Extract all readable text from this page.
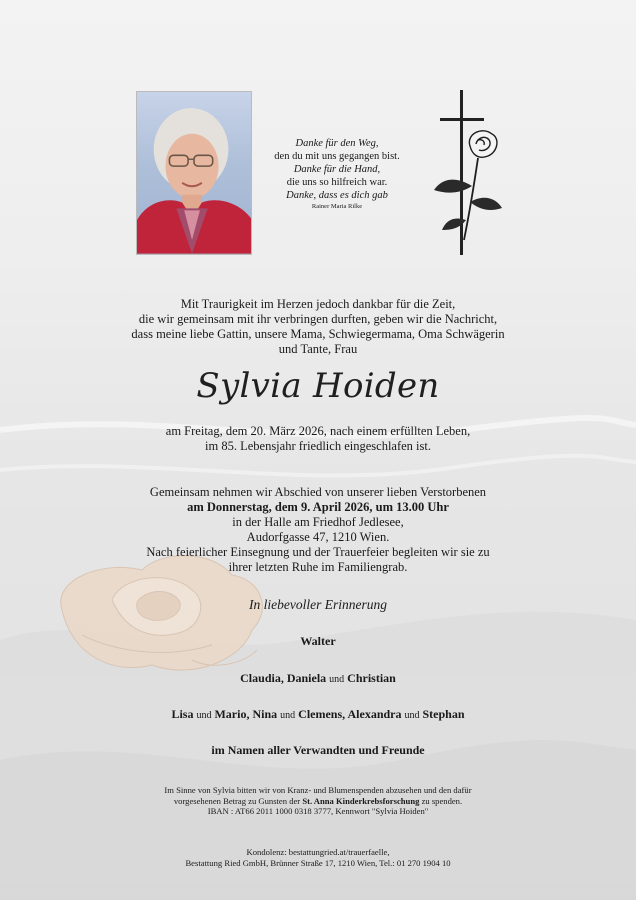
Danke für den Weg,
den du mit uns gegangen bist.
Danke für die Hand,
die uns so hilfreich war.
Danke, dass es dich gab
Rainer Maria Rilke
Mit Traurigkeit im Herzen jedoch dankbar für die Zeit,
die wir gemeinsam mit ihr verbringen durften, geben wir die Nachricht,
dass meine liebe Gattin, unsere Mama, Schwiegermama, Oma Schwägerin
und Tante, Frau
Sylvia Hoiden
am Freitag, dem 20. März 2026, nach einem erfüllten Leben,
im 85. Lebensjahr friedlich eingeschlafen ist.
Gemeinsam nehmen wir Abschied von unserer lieben Verstorbenen
am Donnerstag, dem 9. April 2026, um 13.00 Uhr
in der Halle am Friedhof Jedlesee,
Audorfgasse 47, 1210 Wien.
Nach feierlicher Einsegnung und der Trauerfeier begleiten wir sie zu
ihrer letzten Ruhe im Familiengrab.
In liebevoller Erinnerung
Walter
Claudia, Daniela und Christian
Lisa und Mario, Nina und Clemens, Alexandra und Stephan
im Namen aller Verwandten und Freunde
Im Sinne von Sylvia bitten wir von Kranz- und Blumenspenden abzusehen und den dafür
vorgesehenen Betrag zu Gunsten der St. Anna Kinderkrebsforschung zu spenden.
IBAN : AT66 2011 1000 0318 3777, Kennwort "Sylvia Hoiden"
Kondolenz: bestattungried.at/trauerfaelle,
Bestattung Ried GmbH, Brünner Straße 17, 1210 Wien, Tel.: 01 270 1904 10
